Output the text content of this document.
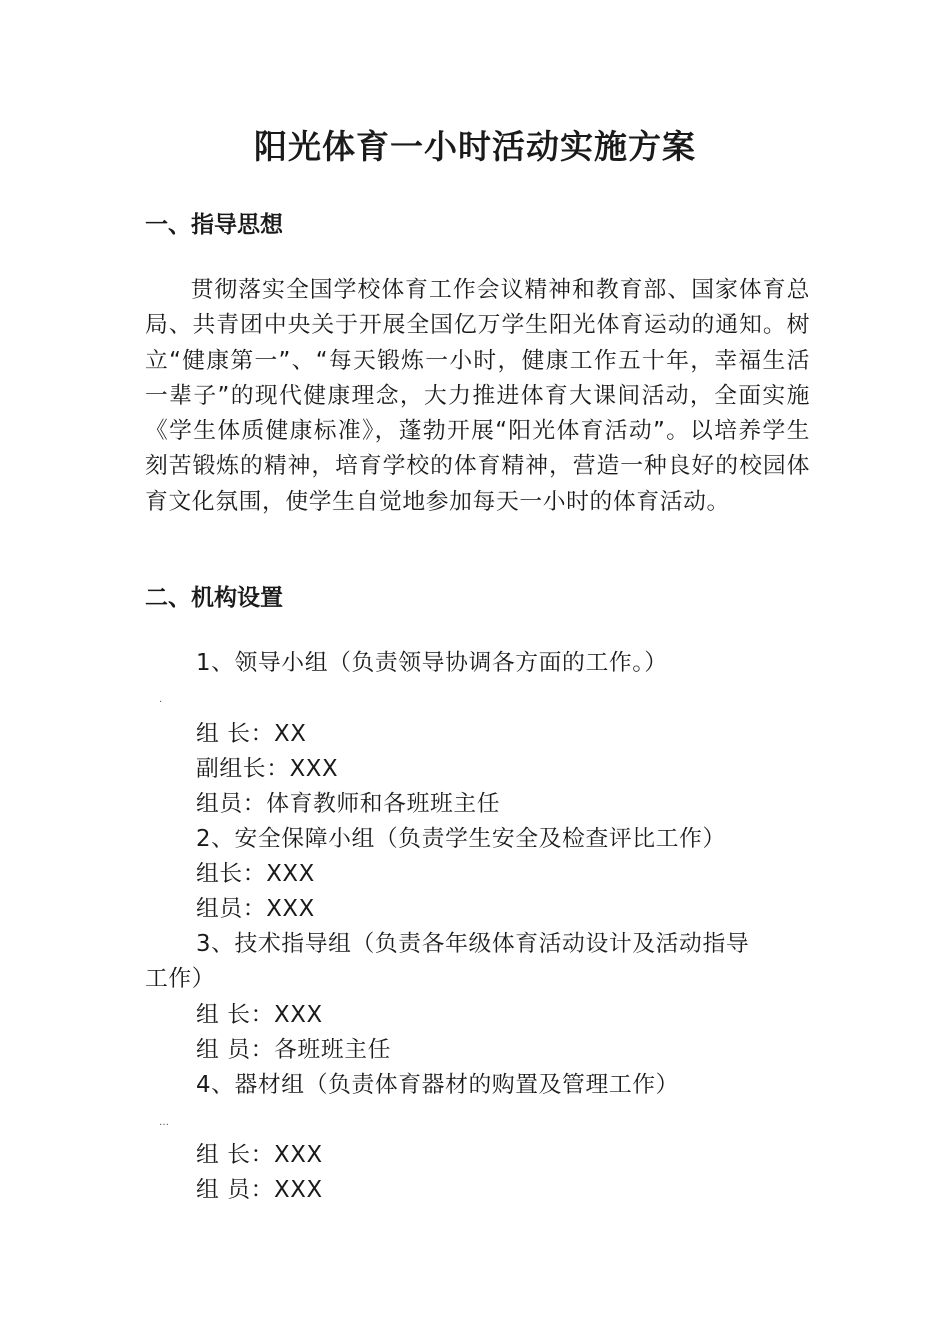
阳光体育一小时活动实施方案
一、指导思想
贯彻落实全国学校体育工作会议精神和教育部、国家体育总局、共青团中央关于开展全国亿万学生阳光体育运动的通知。树立“健康第一”、“每天锻炼一小时，健康工作五十年，幸福生活一辈子”的现代健康理念，大力推进体育大课间活动，全面实施《学生体质健康标准》，蓬勃开展“阳光体育活动”。以培养学生刻苦锻炼的精神，培育学校的体育精神，营造一种良好的校园体育文化氛围，使学生自觉地参加每天一小时的体育活动。
二、机构设置
1、领导小组（负责领导协调各方面的工作。）
·
组 长：XX
副组长：XXX
组员：体育教师和各班班主任
2、安全保障小组（负责学生安全及检查评比工作）
组长：XXX
组员：XXX
3、技术指导组（负责各年级体育活动设计及活动指导
工作）
组 长：XXX
组 员：各班班主任
4、器材组（负责体育器材的购置及管理工作）
…
组 长：XXX
组 员：XXX
